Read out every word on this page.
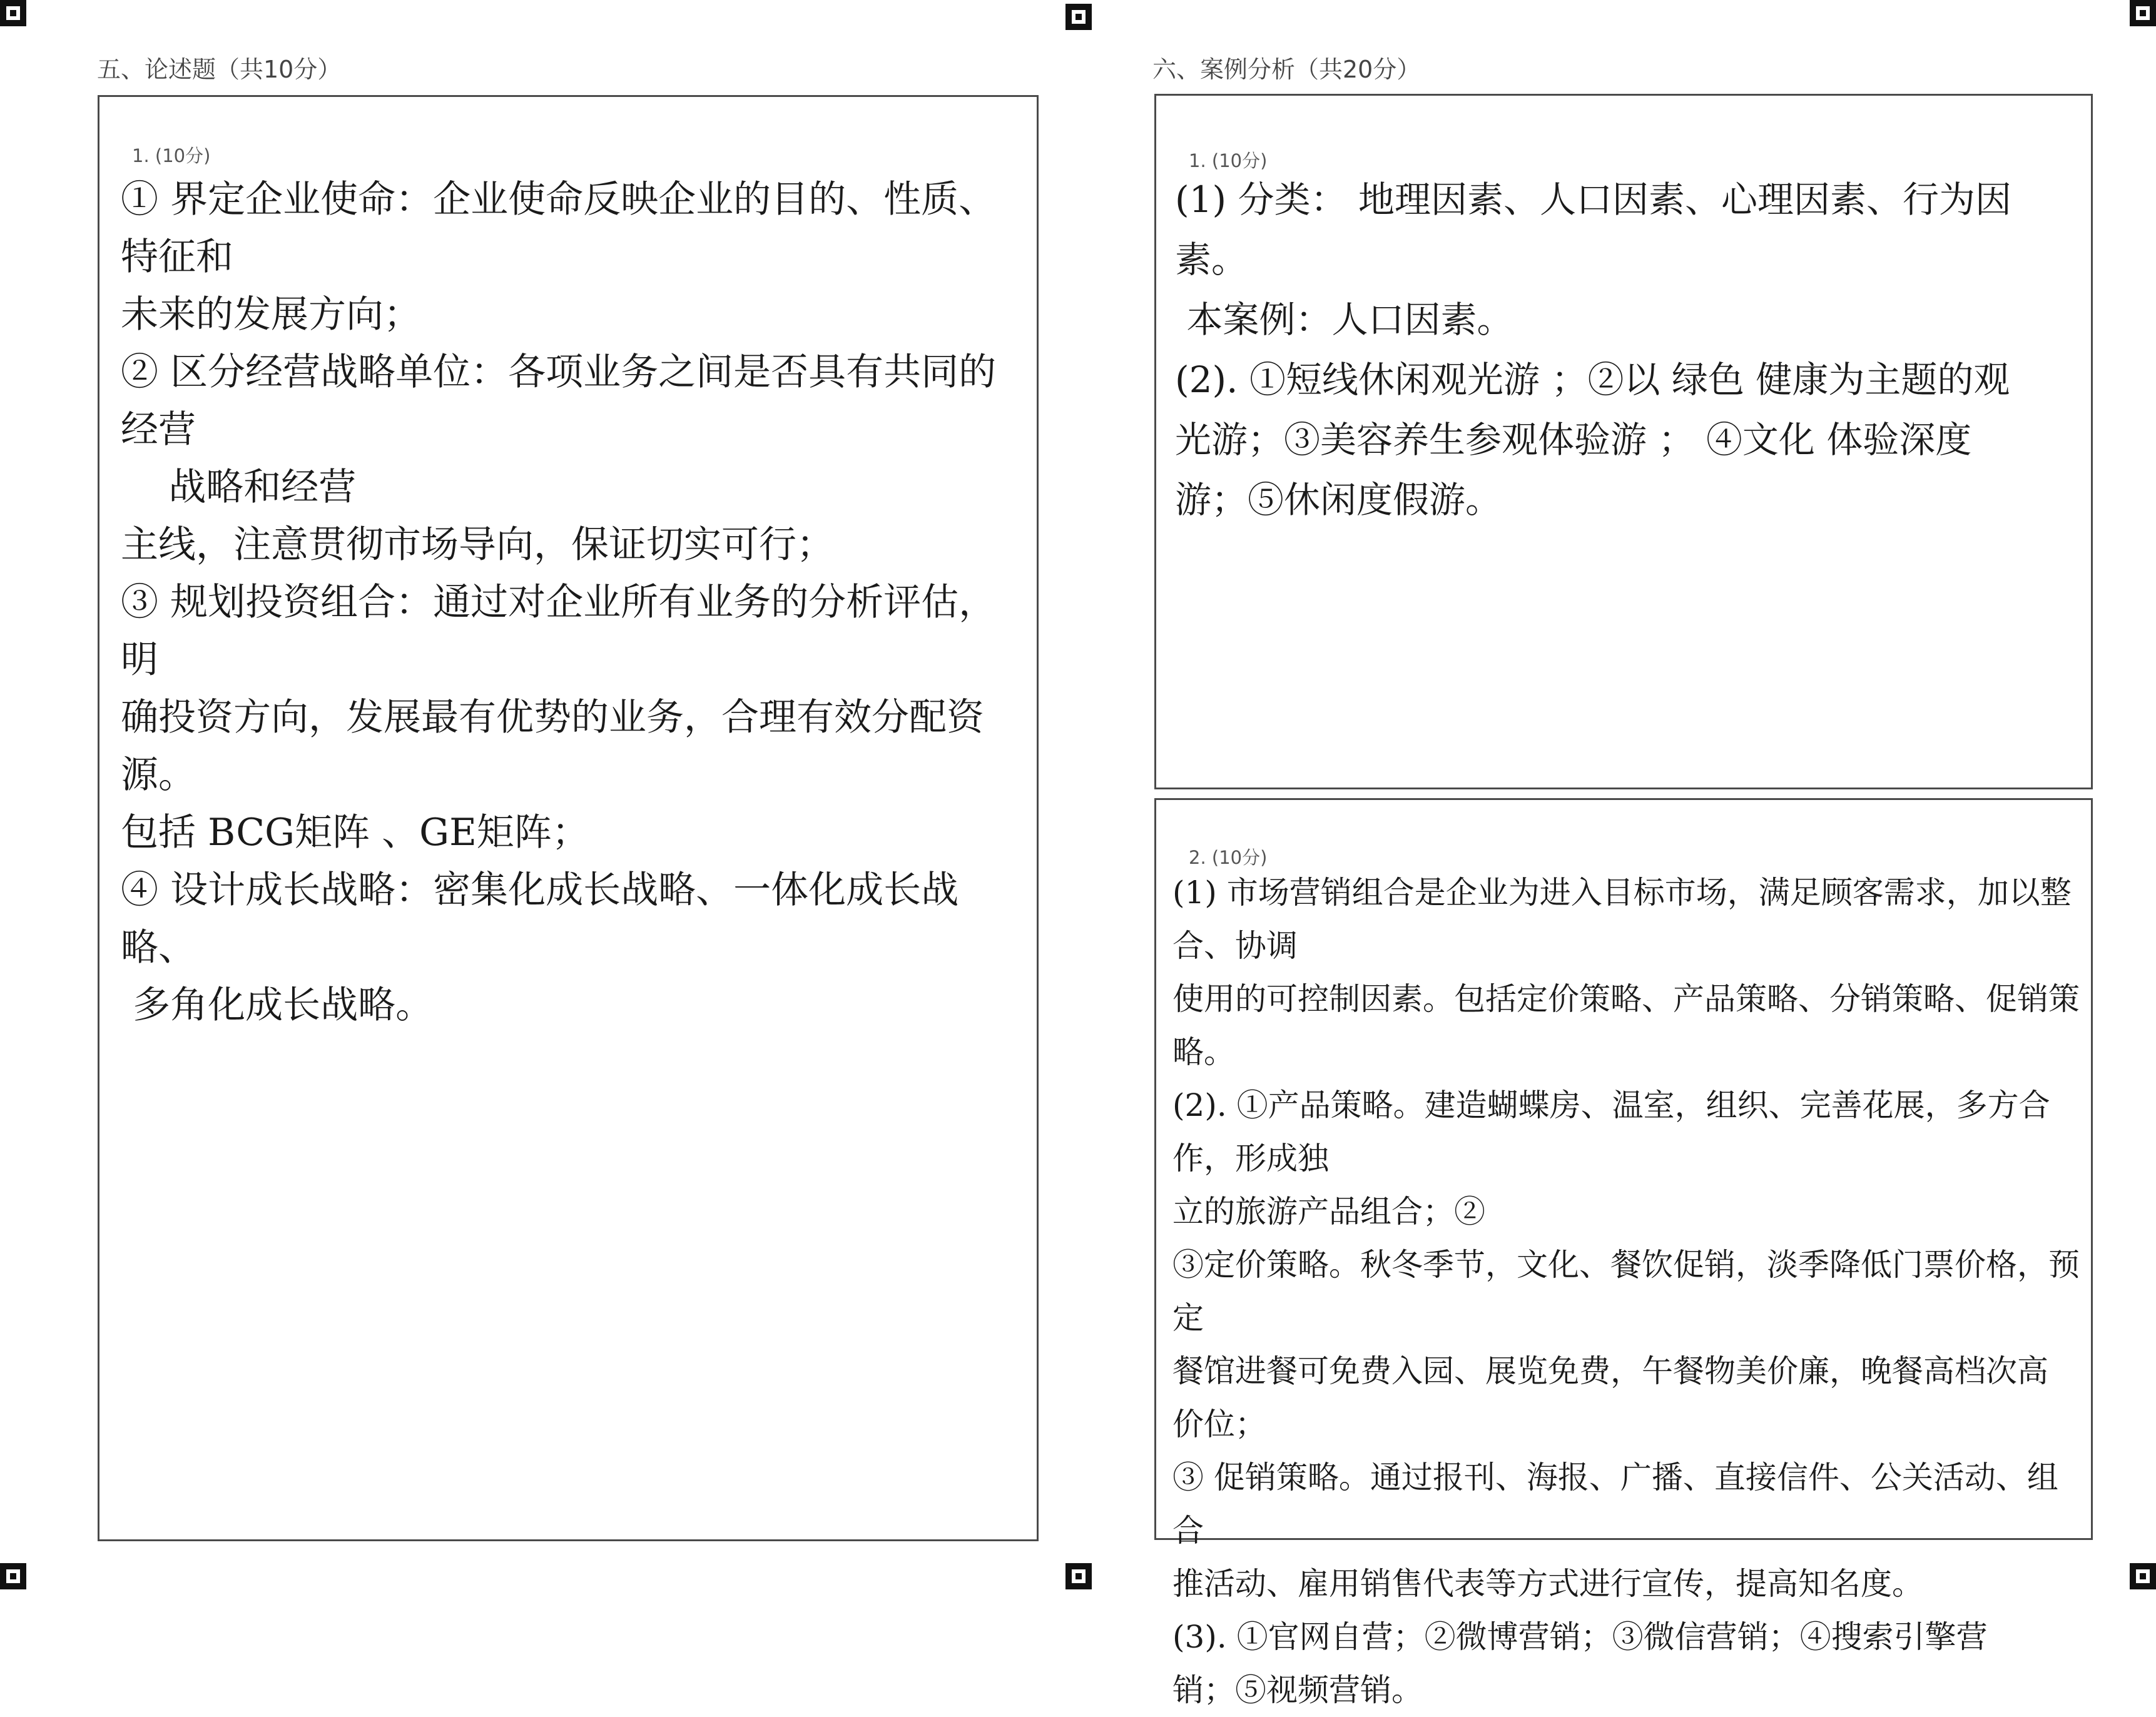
五、论述题（共10分）	六、案例分析（共20分）
1. (10分)
① 界定企业使命：企业使命反映企业的目的、性质、特征和
未来的发展方向；
② 区分经营战略单位：各项业务之间是否具有共同的经营
战略和经营
主线，注意贯彻市场导向，保证切实可行；
③ 规划投资组合：通过对企业所有业务的分析评估，明
确投资方向，发展最有优势的业务，合理有效分配资源。
包括 BCG矩阵 、GE矩阵；
④ 设计成长战略：密集化成长战略、一体化成长战略、
多角化成长战略。
1. (10分)
(1) 分类： 地理因素、人口因素、心理因素、行为因素。
本案例：人口因素。
(2). ①短线休闲观光游 ；②以 绿色 健康为主题的观
光游；③美容养生参观体验游 ； ④文化 体验深度
游；⑤休闲度假游。
2. (10分)
(1) 市场营销组合是企业为进入目标市场，满足顾客需求，加以整合、协调
使用的可控制因素。包括定价策略、产品策略、分销策略、促销策略。
(2). ①产品策略。建造蝴蝶房、温室，组织、完善花展，多方合作，形成独
立的旅游产品组合；②
③定价策略。秋冬季节，文化、餐饮促销，淡季降低门票价格，预定
餐馆进餐可免费入园、展览免费，午餐物美价廉，晚餐高档次高
价位；
③ 促销策略。通过报刊、海报、广播、直接信件、公关活动、组合
推活动、雇用销售代表等方式进行宣传，提高知名度。
(3). ①官网自营；②微博营销；③微信营销；④搜索引擎营
销；⑤视频营销。
